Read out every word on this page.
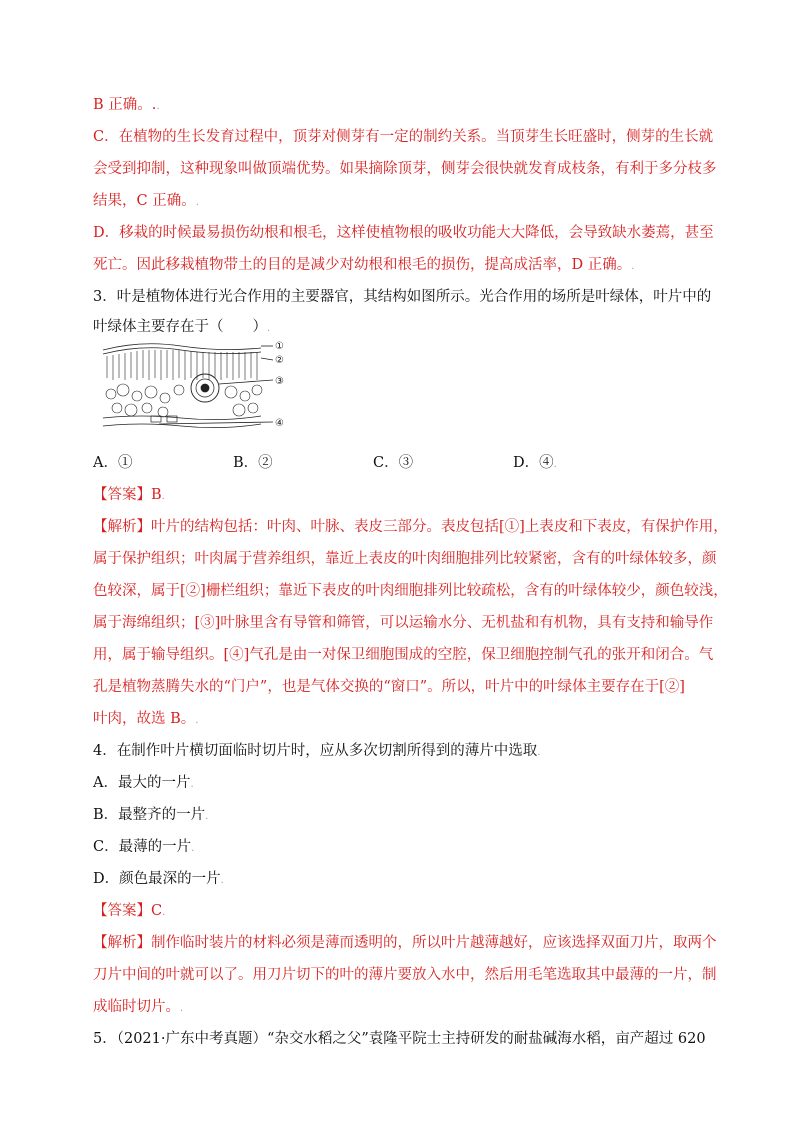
B 正确。..
C．在植物的生长发育过程中，顶芽对侧芽有一定的制约关系。当顶芽生长旺盛时，侧芽的生长就
会受到抑制，这种现象叫做顶端优势。如果摘除顶芽，侧芽会很快就发育成枝条，有利于多分枝多
结果，C 正确。.
D．移栽的时候最易损伤幼根和根毛，这样使植物根的吸收功能大大降低，会导致缺水萎蔫，甚至
死亡。因此移栽植物带土的目的是减少对幼根和根毛的损伤，提高成活率，D 正确。.
3．叶是植物体进行光合作用的主要器官，其结构如图所示。光合作用的场所是叶绿体，叶片中的
叶绿体主要存在于（　　）.
①
②
③
④
A．①	B．②	C．③	D．④.
【答案】B.
【解析】叶片的结构包括：叶肉、叶脉、表皮三部分。表皮包括[①]上表皮和下表皮，有保护作用，
属于保护组织；叶肉属于营养组织，靠近上表皮的叶肉细胞排列比较紧密，含有的叶绿体较多，颜
色较深，属于[②]栅栏组织；靠近下表皮的叶肉细胞排列比较疏松，含有的叶绿体较少，颜色较浅，
属于海绵组织；[③]叶脉里含有导管和筛管，可以运输水分、无机盐和有机物，具有支持和输导作
用，属于输导组织。[④]气孔是由一对保卫细胞围成的空腔，保卫细胞控制气孔的张开和闭合。气
孔是植物蒸腾失水的“门户”，也是气体交换的“窗口”。所以，叶片中的叶绿体主要存在于[②]
叶肉，故选 B。.
4．在制作叶片横切面临时切片时，应从多次切割所得到的薄片中选取.
A．最大的一片.
B．最整齐的一片.
C．最薄的一片.
D．颜色最深的一片.
【答案】C.
【解析】制作临时装片的材料必须是薄而透明的，所以叶片越薄越好，应该选择双面刀片，取两个
刀片中间的叶就可以了。用刀片切下的叶的薄片要放入水中，然后用毛笔选取其中最薄的一片，制
成临时切片。.
5．（2021·广东中考真题）“杂交水稻之父”袁隆平院士主持研发的耐盐碱海水稻，亩产超过 620
